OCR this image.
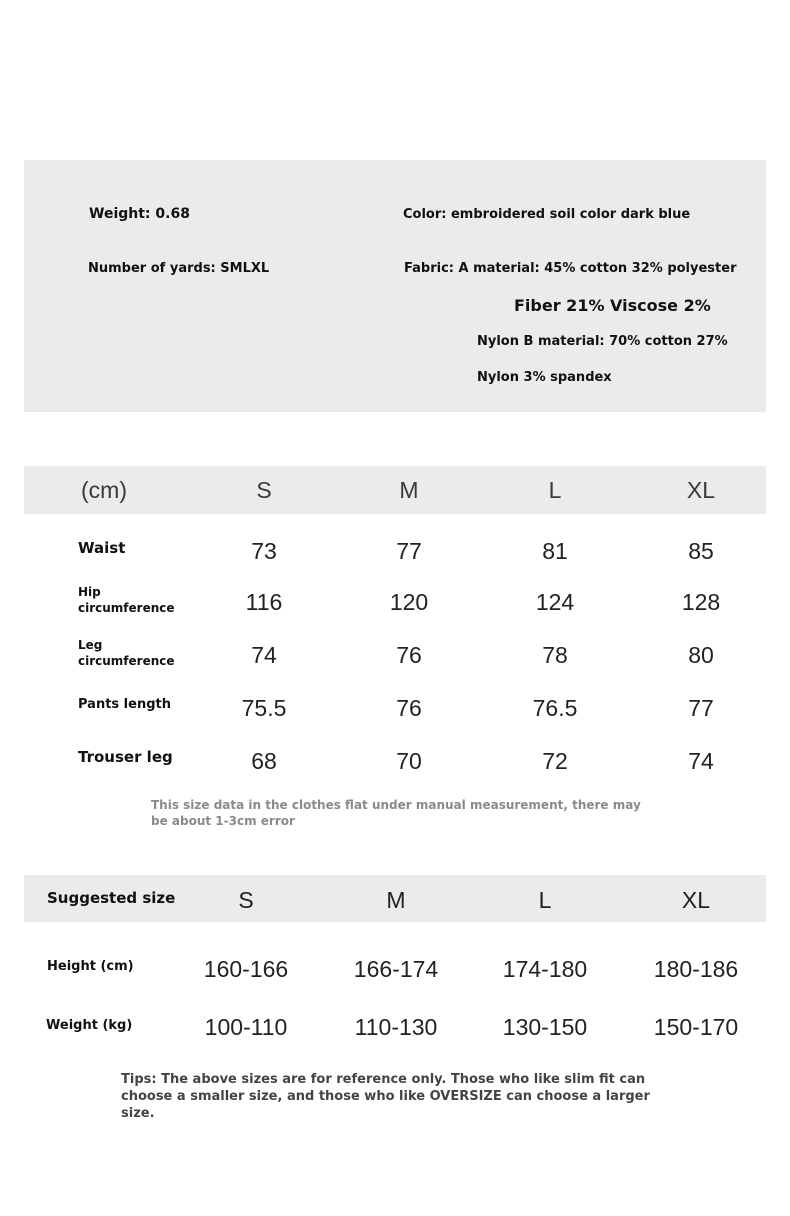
Weight: 0.68	Color: embroidered soil color dark blue
Number of yards: SMLXL	Fabric: A material: 45% cotton 32% polyester
Fiber 21% Viscose 2%
Nylon B material: 70% cotton 27%
Nylon 3% spandex
(cm)	S	M	L	XL
Waist	73	77	81	85
Hip
circumference	116	120	124	128
Leg
circumference	74	76	78	80
Pants length	75.5	76	76.5	77
Trouser leg	68	70	72	74
This size data in the clothes flat under manual measurement, there may be about 1-3cm error
Suggested size	S	M	L	XL
Height (cm)	160-166	166-174	174-180	180-186
Weight (kg)	100-110	110-130	130-150	150-170
Tips: The above sizes are for reference only. Those who like slim fit can choose a smaller size, and those who like OVERSIZE can choose a larger size.
